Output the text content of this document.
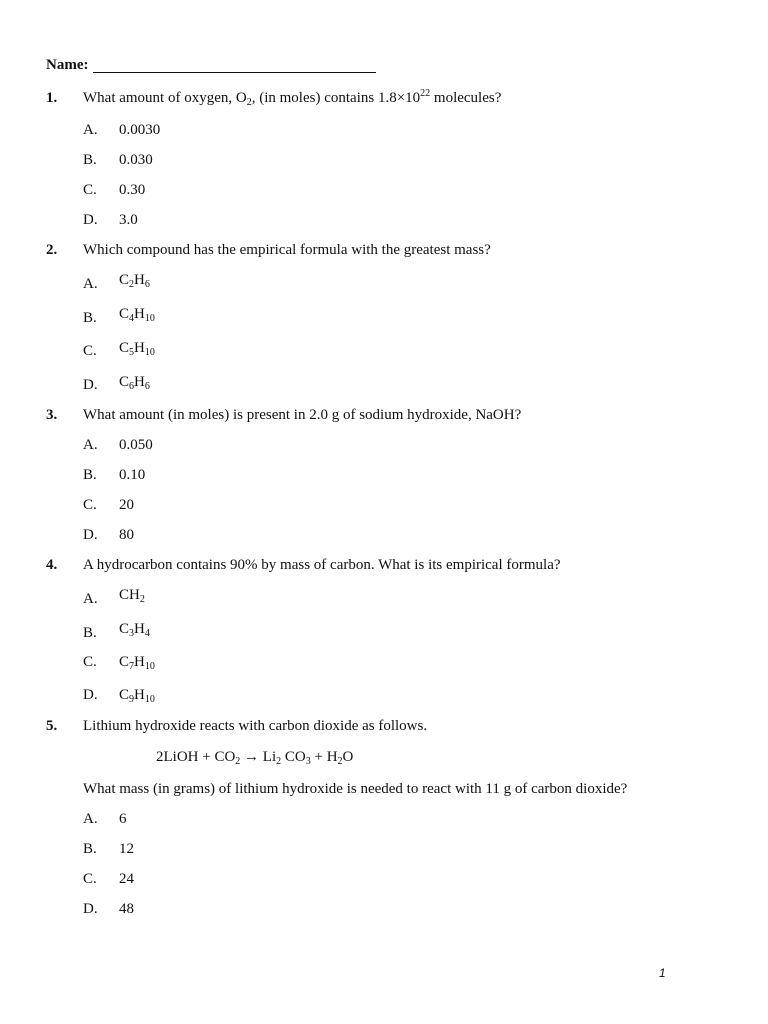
Name:
1. What amount of oxygen, $O_2$, (in moles) contains $1.8\times 10^{22}$ molecules?
A. 0.0030
B. 0.030
C. 0.30
D. 3.0
2. Which compound has the empirical formula with the greatest mass?
A. $C_2H_6$
B. $C_4H_{10}$
C. $C_5H_{10}$
D. $C_6H_6$
3. What amount (in moles) is present in 2.0 g of sodium hydroxide, NaOH?
A. 0.050
B. 0.10
C. 20
D. 80
4. A hydrocarbon contains 90% by mass of carbon. What is its empirical formula?
A. $CH_2$
B. $C_3H_4$
C. $C_7H_{10}$
D. $C_9H_{10}$
5. Lithium hydroxide reacts with carbon dioxide as follows.
2LiOH + $CO_2 \to Li_2$ $CO_3 + H_2O$
What mass (in grams) of lithium hydroxide is needed to react with 11 g of carbon dioxide?
A. 6
B. 12
C. 24
D. 48
1
